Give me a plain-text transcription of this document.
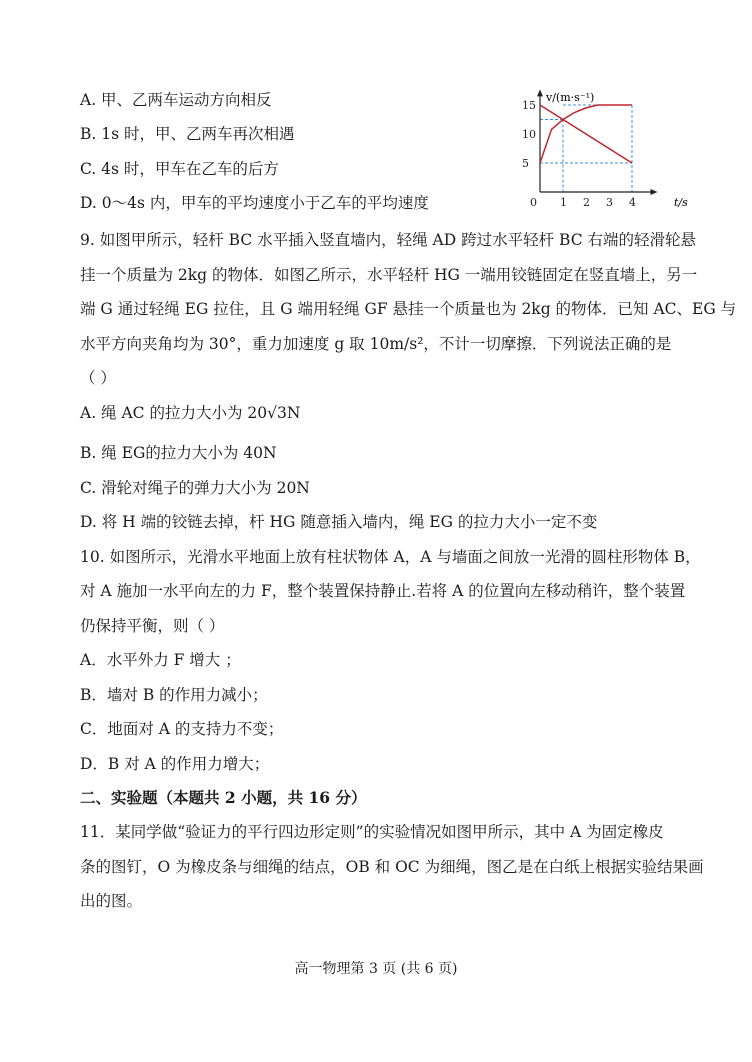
A. 甲、乙两车运动方向相反
B. 1s 时，甲、乙两车再次相遇
C. 4s 时，甲车在乙车的后方
D. 0～4s 内，甲车的平均速度小于乙车的平均速度	0 1 2 3 4
5
10
15
v/(m·s⁻¹)
t/s
9. 如图甲所示，轻杆 BC 水平插入竖直墙内，轻绳 AD 跨过水平轻杆 BC 右端的轻滑轮悬
挂一个质量为 2kg 的物体．如图乙所示，水平轻杆 HG 一端用铰链固定在竖直墙上，另一
端 G 通过轻绳 EG 拉住，且 G 端用轻绳 GF 悬挂一个质量也为 2kg 的物体．已知 AC、EG 与
水平方向夹角均为 30°，重力加速度 g 取 10m/s²，不计一切摩擦．下列说法正确的是
（ ）
A. 绳 AC 的拉力大小为 20√3N
B. 绳 EG的拉力大小为 40N
C. 滑轮对绳子的弹力大小为 20N
D. 将 H 端的铰链去掉，杆 HG 随意插入墙内，绳 EG 的拉力大小一定不变
10. 如图所示，光滑水平地面上放有柱状物体 A，A 与墙面之间放一光滑的圆柱形物体 B，
对 A 施加一水平向左的力 F，整个装置保持静止.若将 A 的位置向左移动稍许，整个装置
仍保持平衡，则（ ）
A．水平外力 F 增大 ；
B．墙对 B 的作用力减小；
C．地面对 A 的支持力不变；
D．B 对 A 的作用力增大；
二、实验题（本题共 2 小题，共 16 分）
11．某同学做“验证力的平行四边形定则”的实验情况如图甲所示，其中 A 为固定橡皮
条的图钉，O 为橡皮条与细绳的结点，OB 和 OC 为细绳，图乙是在白纸上根据实验结果画
出的图。
高一物理第 3 页 (共 6 页)
